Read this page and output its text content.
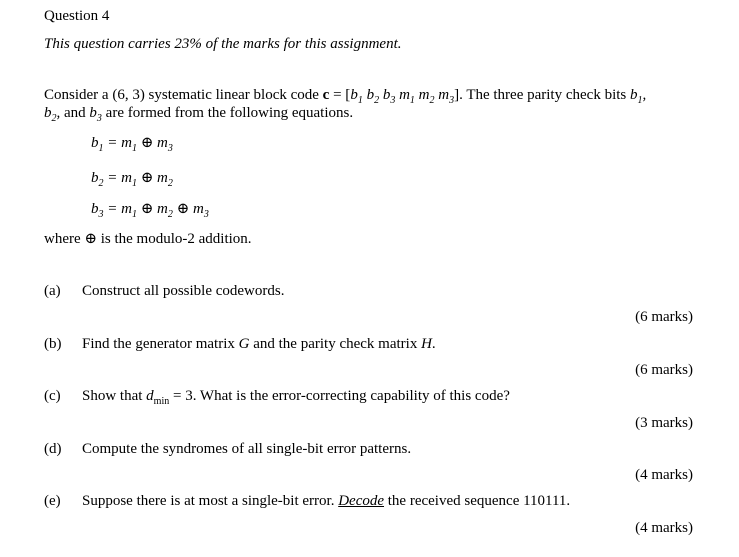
Question 4
This question carries 23% of the marks for this assignment.
Consider a (6, 3) systematic linear block code $c = [b_1$ $b_2$ $b_3$ $m_1$ $m_2$ $m_3$]. The three parity check bits $b_1$,
$b_2$, and $b_3$ are formed from the following equations.
$b_1 = m_1$ ⊕ $m_3$
$b_2 = m_1$ ⊕ $m_2$
$b_3 = m_1$ ⊕ $m_2$ ⊕ $m_3$
where ⊕ is the modulo-2 addition.
(a) Construct all possible codewords.
(6 marks)
(b) Find the generator matrix G and the parity check matrix H.
(6 marks)
(c) Show that $d_{min} = 3$. What is the error-correcting capability of this code?
(3 marks)
(d) Compute the syndromes of all single-bit error patterns.
(4 marks)
(e) Suppose there is at most a single-bit error. Decode the received sequence 110111.
(4 marks)
